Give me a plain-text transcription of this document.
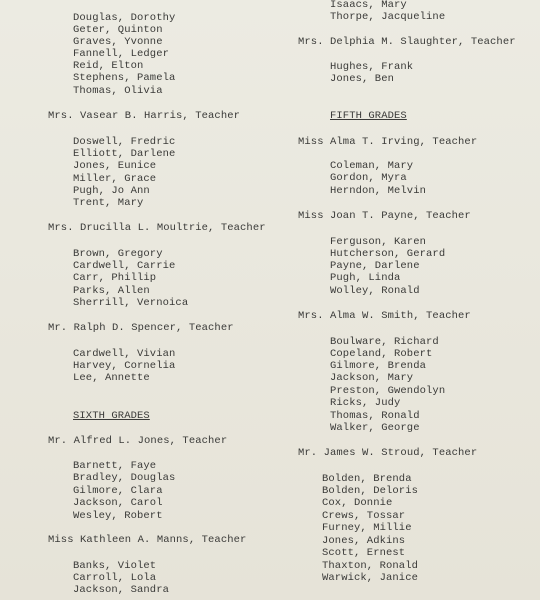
Douglas, Dorothy
Geter, Quinton
Graves, Yvonne
Fannell, Ledger
Reid, Elton
Stephens, Pamela
Thomas, Olivia
Mrs. Vasear B. Harris, Teacher
Doswell, Fredric
Elliott, Darlene
Jones, Eunice
Miller, Grace
Pugh, Jo Ann
Trent, Mary
Mrs. Drucilla L. Moultrie, Teacher
Brown, Gregory
Cardwell, Carrie
Carr, Phillip
Parks, Allen
Sherrill, Vernoica
Mr. Ralph D. Spencer, Teacher
Cardwell, Vivian
Harvey, Cornelia
Lee, Annette
SIXTH GRADES
Mr. Alfred L. Jones, Teacher
Barnett, Faye
Bradley, Douglas
Gilmore, Clara
Jackson, Carol
Wesley, Robert
Miss Kathleen A. Manns, Teacher
Banks, Violet
Carroll, Lola
Jackson, Sandra
Isaacs, Mary
Thorpe, Jacqueline
Mrs. Delphia M. Slaughter, Teacher
Hughes, Frank
Jones, Ben
FIFTH GRADES
Miss Alma T. Irving, Teacher
Coleman, Mary
Gordon, Myra
Herndon, Melvin
Miss Joan T. Payne, Teacher
Ferguson, Karen
Hutcherson, Gerard
Payne, Darlene
Pugh, Linda
Wolley, Ronald
Mrs. Alma W. Smith, Teacher
Boulware, Richard
Copeland, Robert
Gilmore, Brenda
Jackson, Mary
Preston, Gwendolyn
Ricks, Judy
Thomas, Ronald
Walker, George
Mr. James W. Stroud, Teacher
Bolden, Brenda
Bolden, Deloris
Cox, Donnie
Crews, Tossar
Furney, Millie
Jones, Adkins
Scott, Ernest
Thaxton, Ronald
Warwick, Janice
